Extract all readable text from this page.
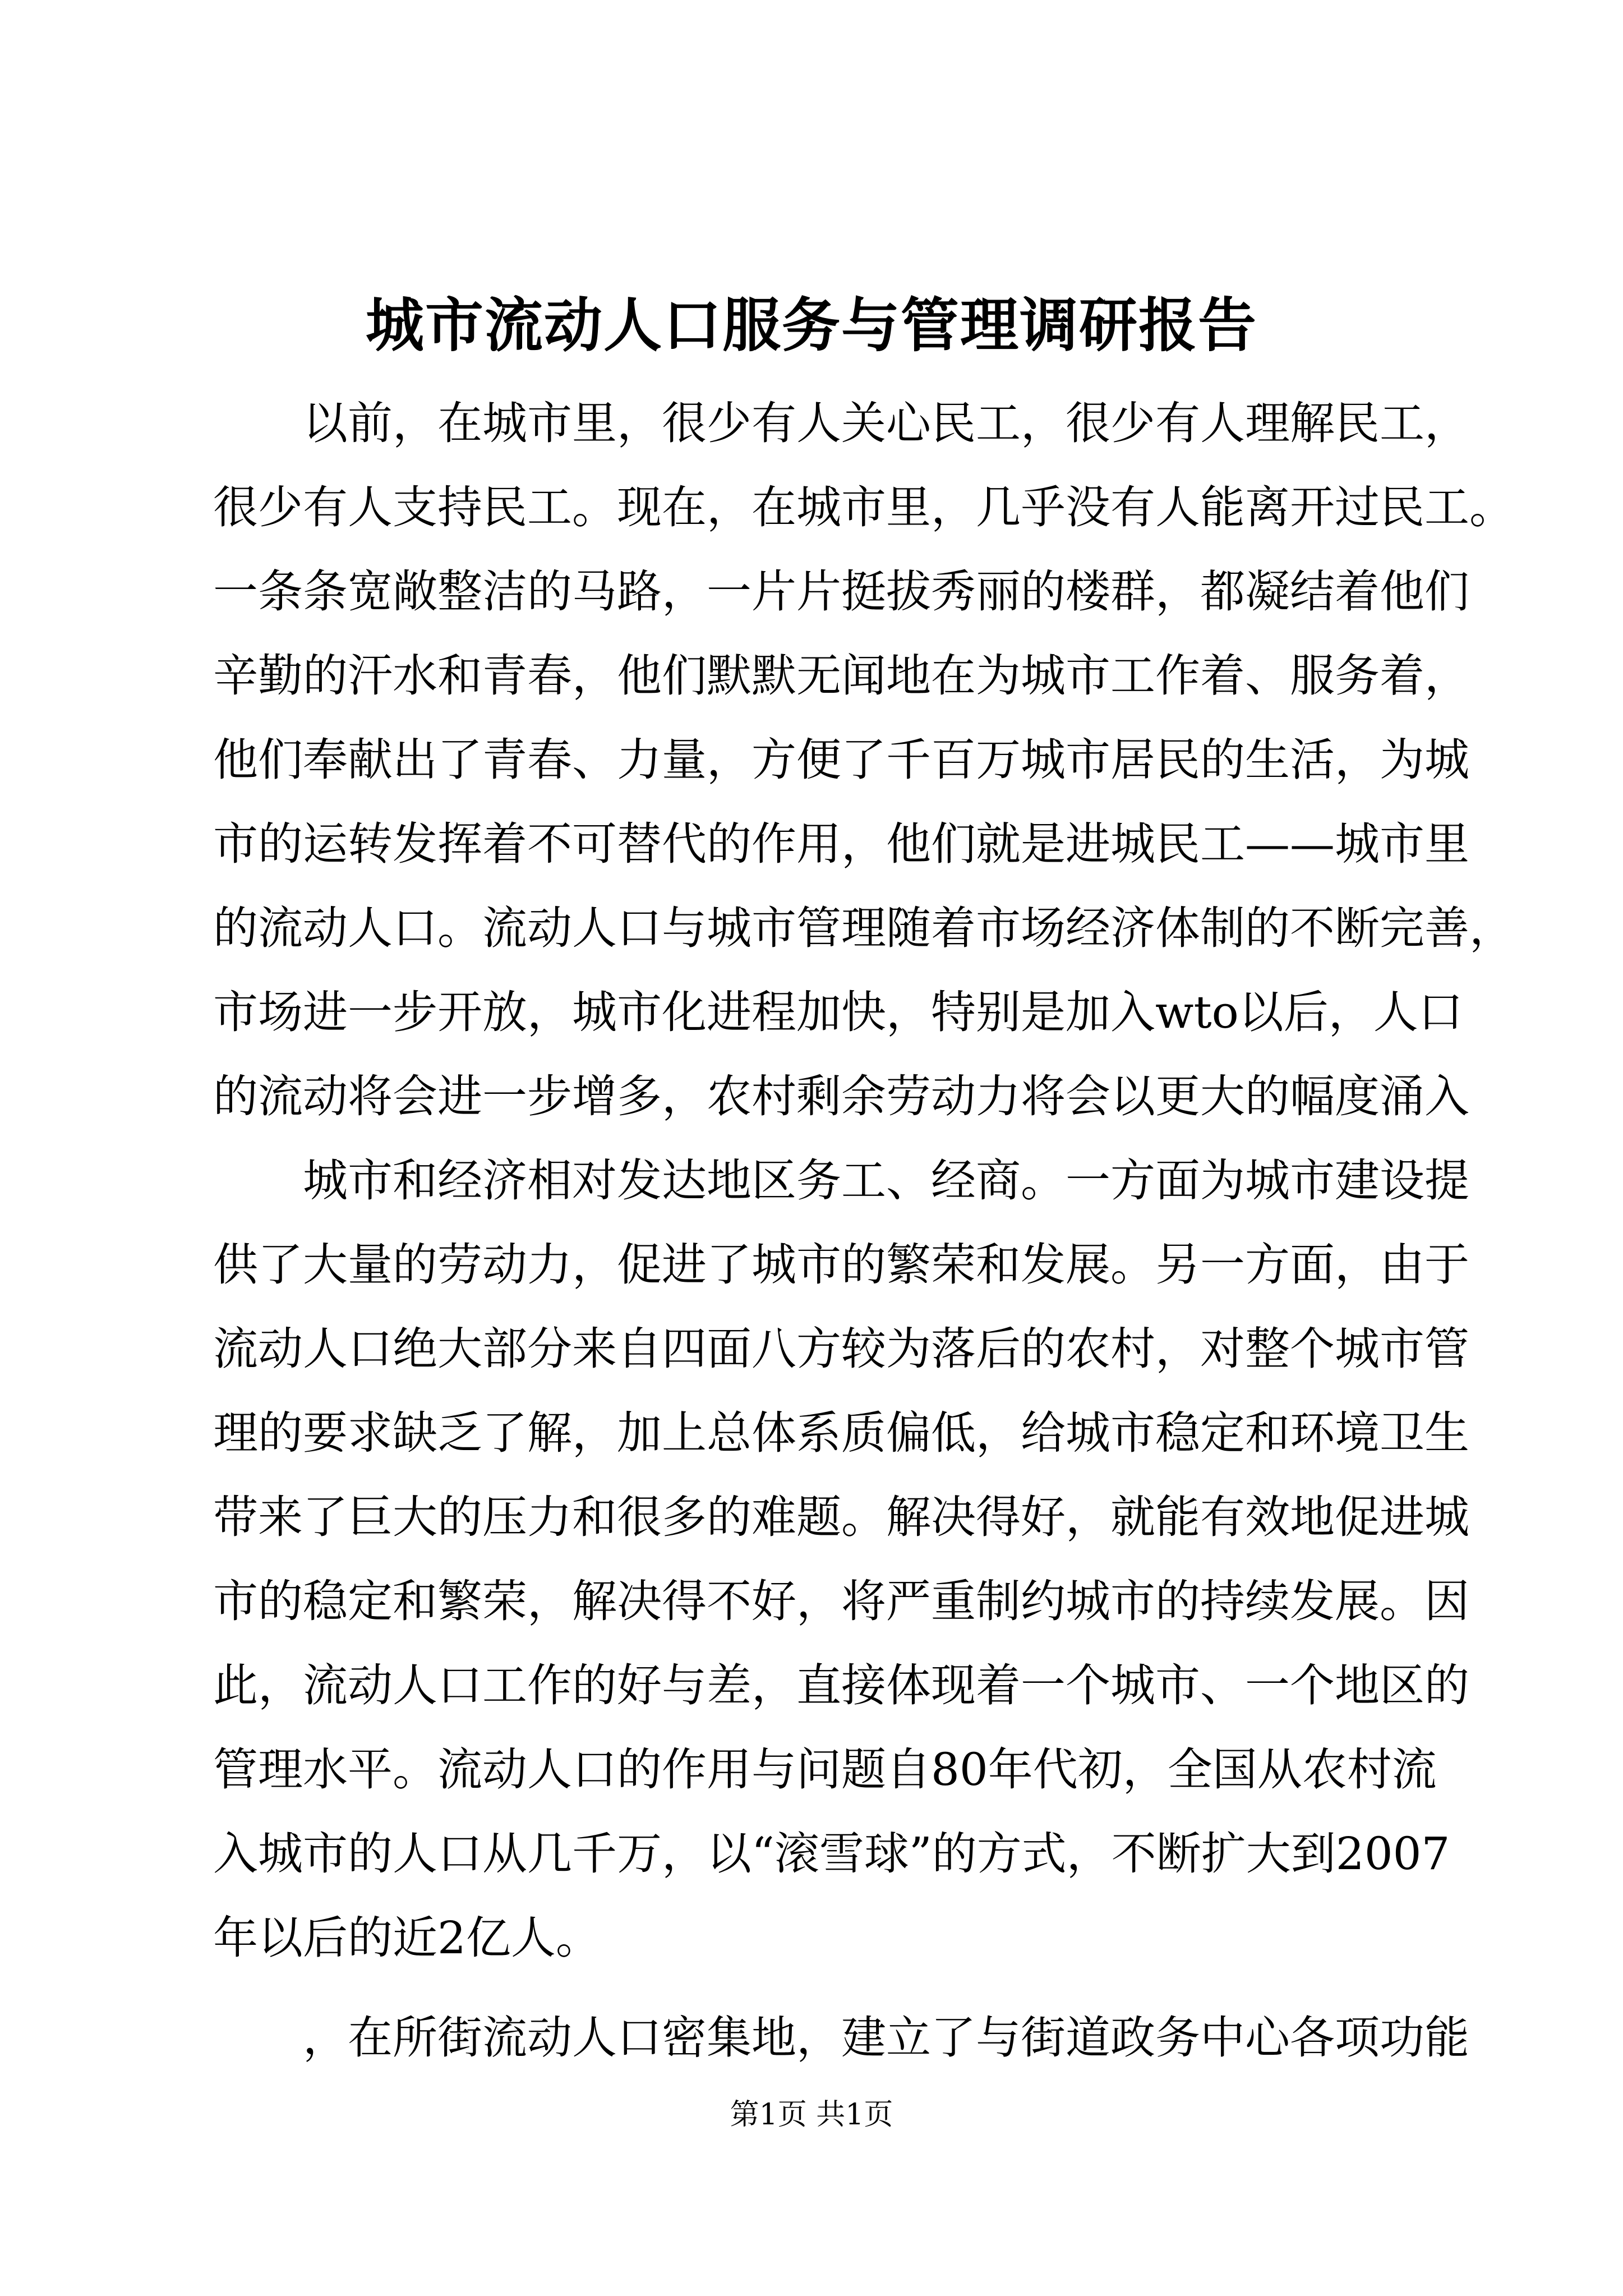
城市流动人口服务与管理调研报告
以前，在城市里，很少有人关心民工，很少有人理解民工，
很少有人支持民工。现在，在城市里，几乎没有人能离开过民工。
一条条宽敞整洁的马路，一片片挺拔秀丽的楼群，都凝结着他们
辛勤的汗水和青春，他们默默无闻地在为城市工作着、服务着，
他们奉献出了青春、力量，方便了千百万城市居民的生活，为城
市的运转发挥着不可替代的作用，他们就是进城民工——城市里
的流动人口。流动人口与城市管理随着市场经济体制的不断完善，
市场进一步开放，城市化进程加快，特别是加入wto以后，人口
的流动将会进一步增多，农村剩余劳动力将会以更大的幅度涌入
城市和经济相对发达地区务工、经商。一方面为城市建设提
供了大量的劳动力，促进了城市的繁荣和发展。另一方面，由于
流动人口绝大部分来自四面八方较为落后的农村，对整个城市管
理的要求缺乏了解，加上总体系质偏低，给城市稳定和环境卫生
带来了巨大的压力和很多的难题。解决得好，就能有效地促进城
市的稳定和繁荣，解决得不好，将严重制约城市的持续发展。因
此，流动人口工作的好与差，直接体现着一个城市、一个地区的
管理水平。流动人口的作用与问题自80年代初，全国从农村流
入城市的人口从几千万，以“滚雪球”的方式，不断扩大到2007
年以后的近2亿人。
，在所街流动人口密集地，建立了与街道政务中心各项功能
第1页 共1页
